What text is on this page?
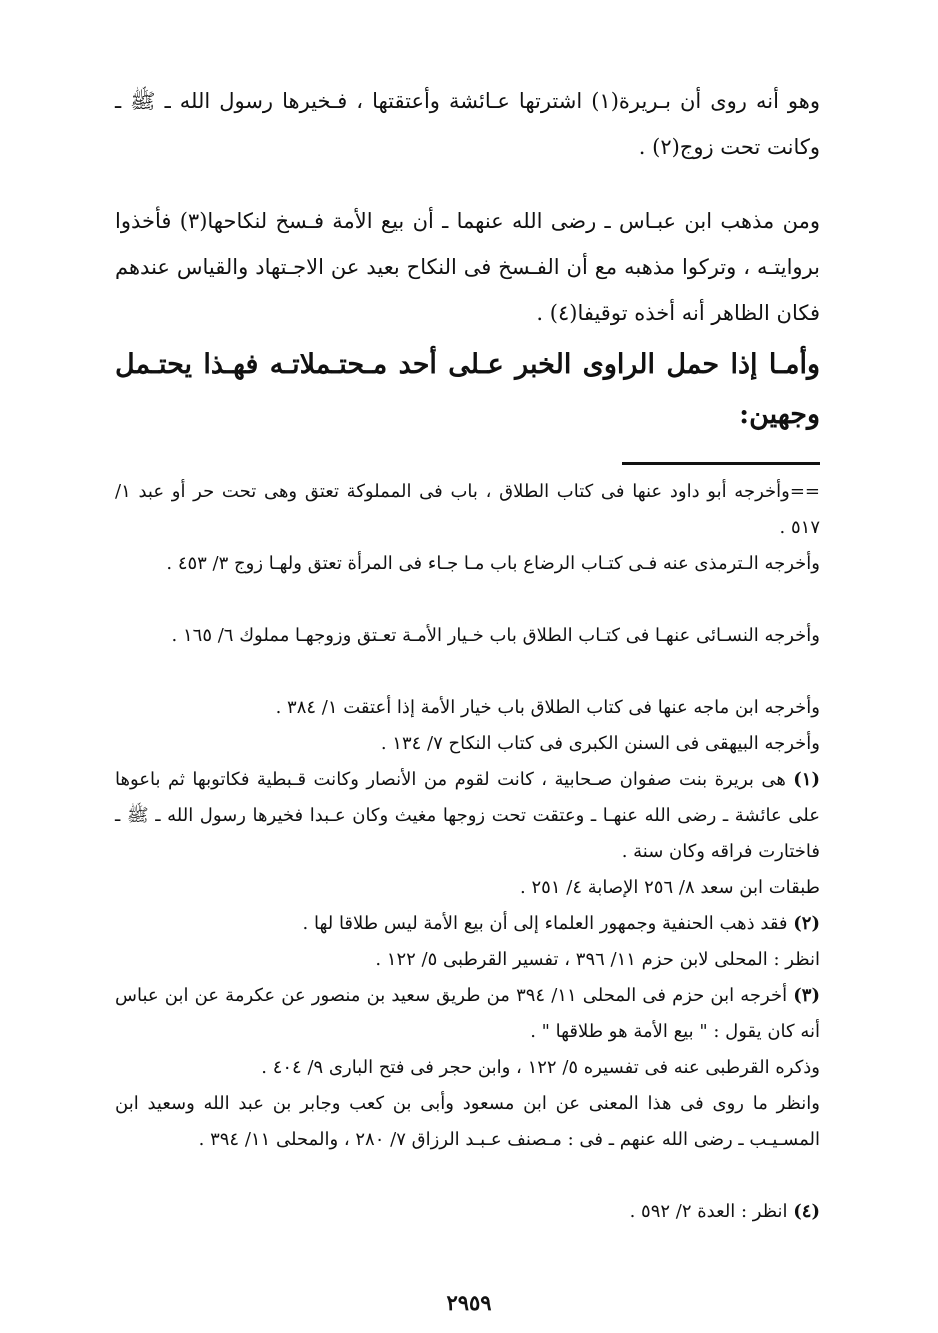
وهو أنه روى أن بـريرة(١) اشترتها عـائشة وأعتقتها ، فـخيرها رسول الله ـ ﷺ ـ وكانت تحت زوج(٢) .

ومن مذهب ابن عبـاس ـ رضى الله عنهما ـ أن بيع الأمة فـسخ لنكاحها(٣) فأخذوا بروايتـه ، وتركوا مذهبه مع أن الفـسخ فى النكاح بعيد عن الاجـتهاد والقياس عندهم فكان الظاهر أنه أخذه توقيفا(٤) .

وأمـا إذا حمل الراوى الخبر عـلى أحد مـحتـملاتـه فهـذا يحتـمل وجهين:

==وأخرجه أبو داود عنها فى كتاب الطلاق ، باب فى المملوكة تعتق وهى تحت حر أو عبد ١/ ٥١٧ .

وأخرجه الـترمذى عنه فـى كتـاب الرضاع باب مـا جـاء فى المرأة تعتق ولهـا زوج ٣/ ٤٥٣ .

وأخرجه النسـائى عنهـا فى كتـاب الطلاق باب خـيار الأمـة تعـتق وزوجهـا مملوك ٦/ ١٦٥ .

وأخرجه ابن ماجه عنها فى كتاب الطلاق باب خيار الأمة إذا أعتقت ١/ ٣٨٤ .

وأخرجه البيهقى فى السنن الكبرى فى كتاب النكاح ٧/ ١٣٤ .

(١) هى بريرة بنت صفوان صـحابية ، كانت لقوم من الأنصار وكانت قـبطية فكاتوبها ثم باعوها على عائشة ـ رضى الله عنهـا ـ وعتقت تحت زوجها مغيث وكان عـبدا فخيرها رسول الله ـ ﷺ ـ فاختارت فراقه وكان سنة .

طبقات ابن سعد ٨/ ٢٥٦ الإصابة ٤/ ٢٥١ .

(٢) فقد ذهب الحنفية وجمهور العلماء إلى أن بيع الأمة ليس طلاقا لها .

انظر : المحلى لابن حزم ١١/ ٣٩٦ ، تفسير القرطبى ٥/ ١٢٢ .

(٣) أخرجه ابن حزم فى المحلى ١١/ ٣٩٤ من طريق سعيد بن منصور عن عكرمة عن ابن عباس أنه كان يقول : " بيع الأمة هو طلاقها " .

وذكره القرطبى عنه فى تفسيره ٥/ ١٢٢ ، وابن حجر فى فتح البارى ٩/ ٤٠٤ .

وانظر ما روى فى هذا المعنى عن ابن مسعود وأبى بن كعب وجابر بن عبد الله وسعيد ابن المسـيـب ـ رضى الله عنهم ـ فى : مـصنف عـبـد الرزاق ٧/ ٢٨٠ ، والمحلى ١١/ ٣٩٤ .

(٤) انظر : العدة ٢/ ٥٩٢ .

٢٩٥٩
